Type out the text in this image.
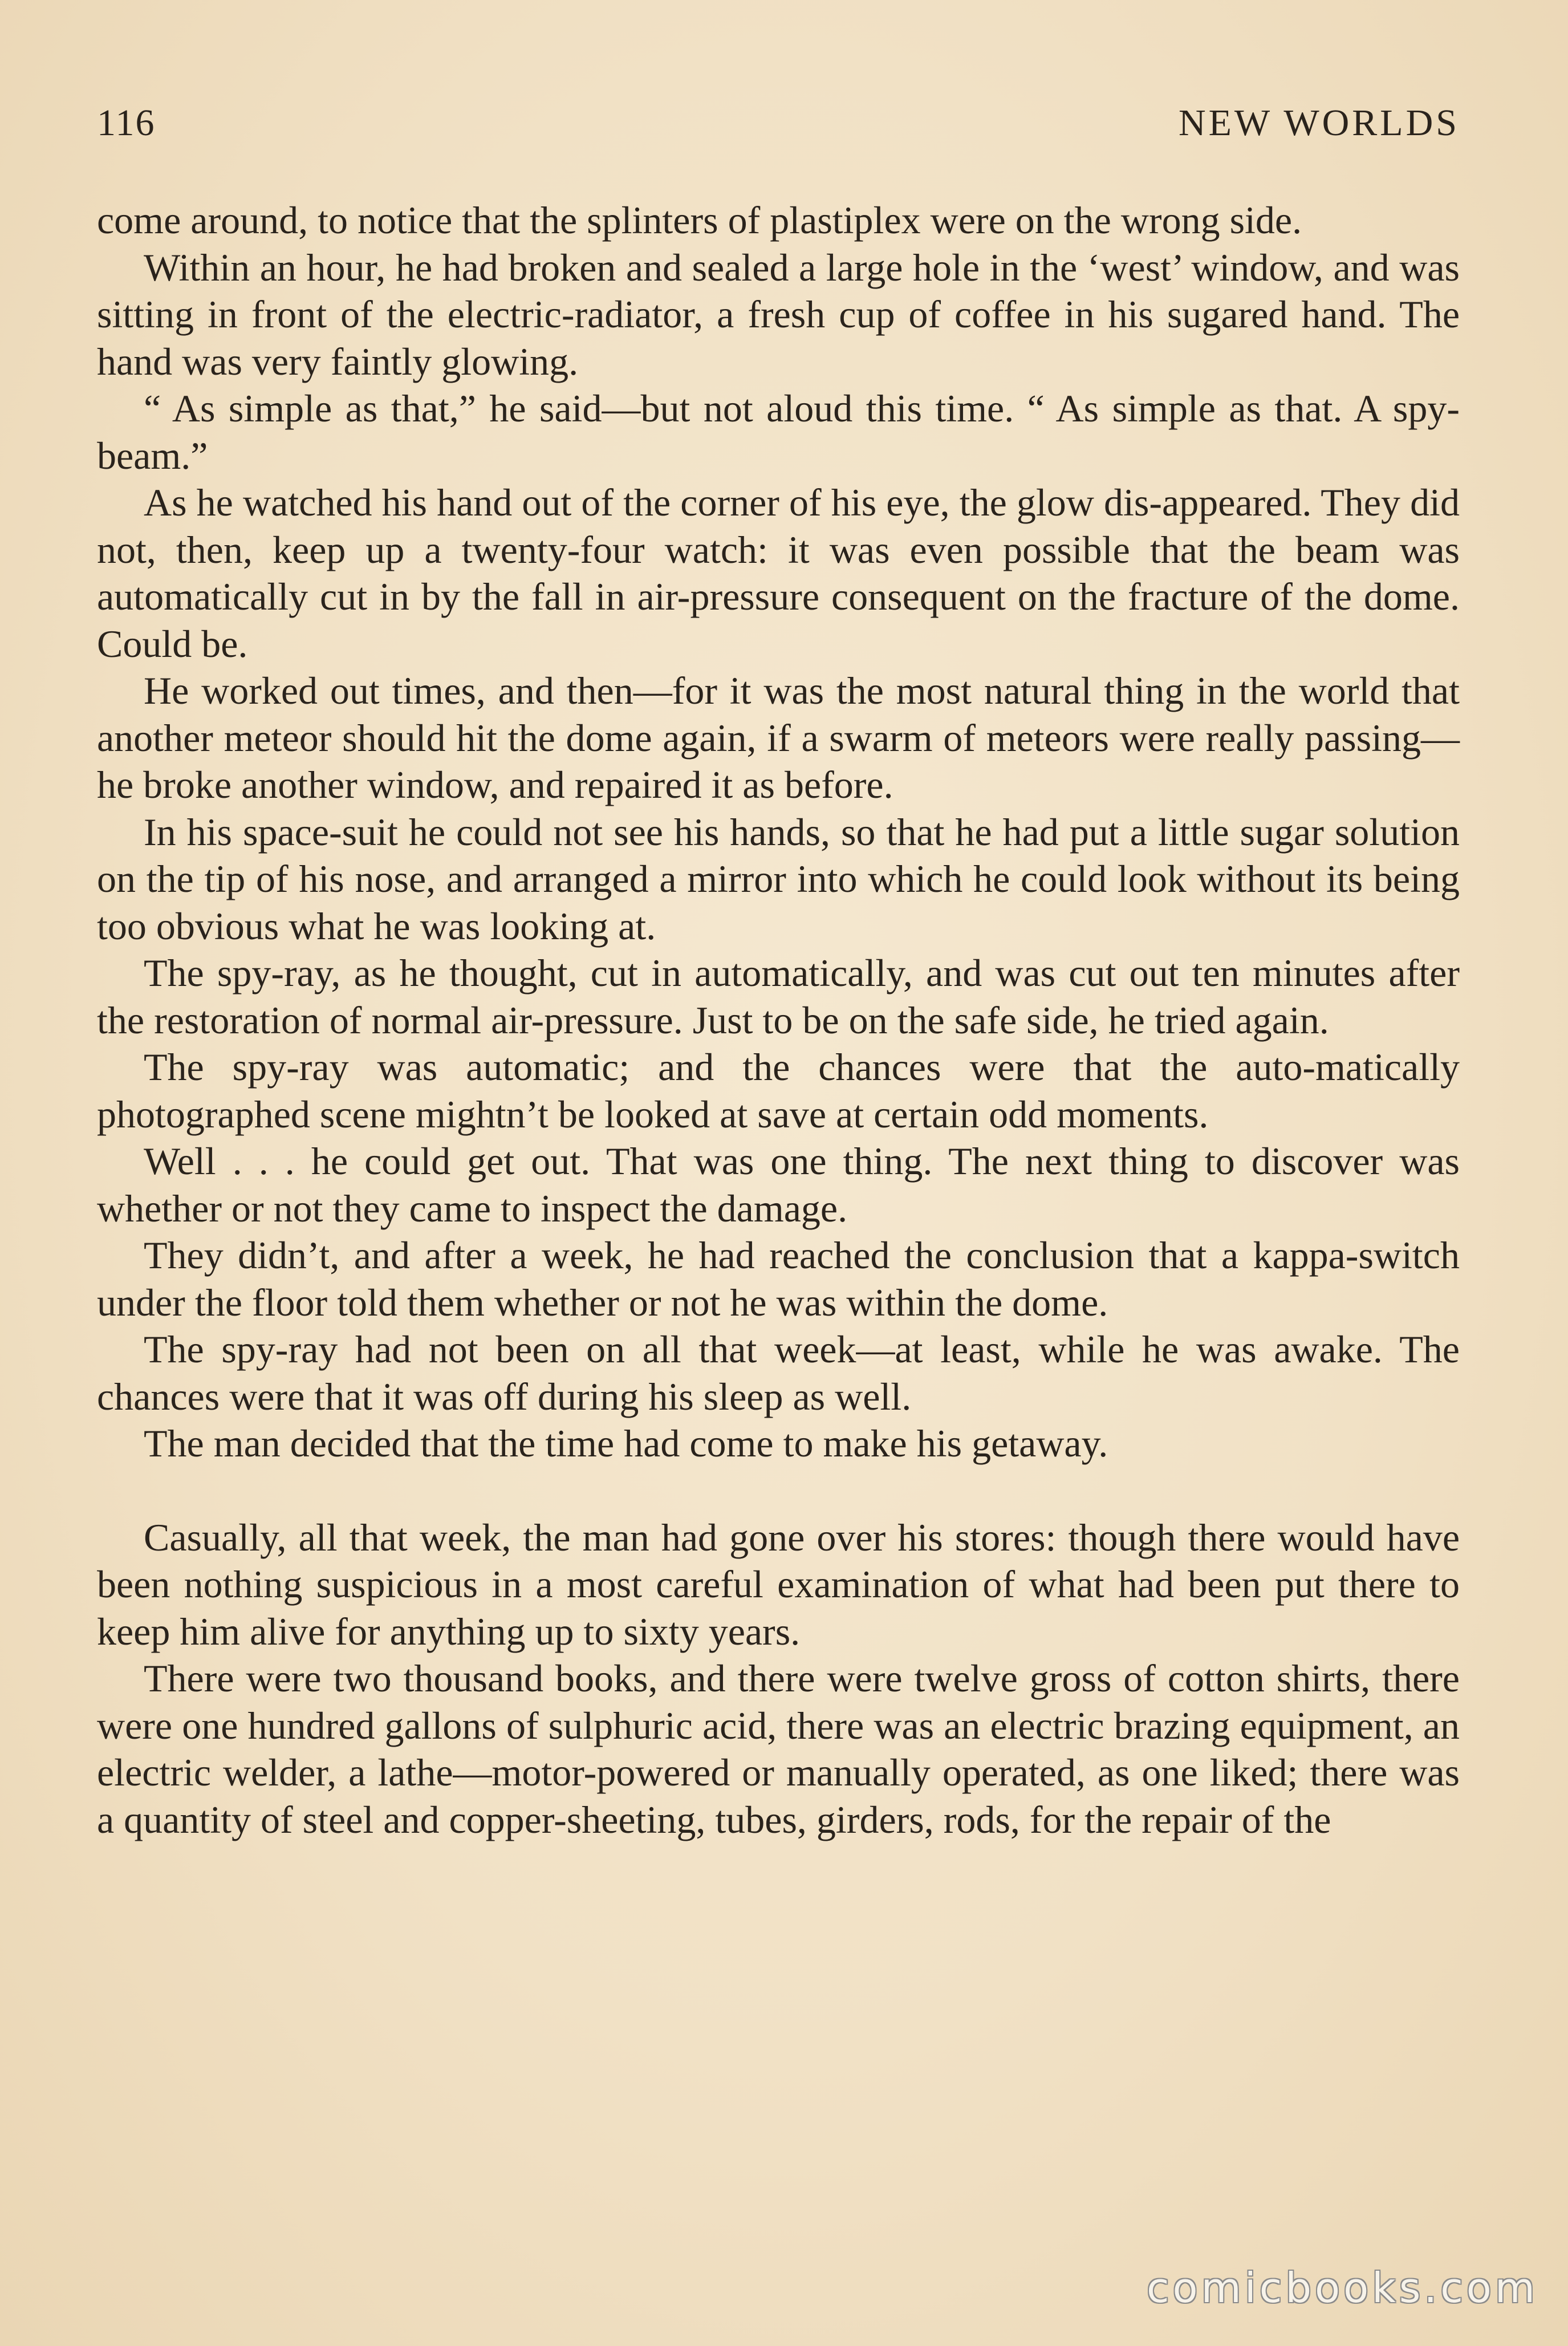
116	NEW WORLDS

come around, to notice that the splinters of plastiplex were on the wrong side.

Within an hour, he had broken and sealed a large hole in the ‘west’ window, and was sitting in front of the electric-radiator, a fresh cup of coffee in his sugared hand. The hand was very faintly glowing.

“ As simple as that,” he said—but not aloud this time. “ As simple as that. A spy-beam.”

As he watched his hand out of the corner of his eye, the glow dis-appeared. They did not, then, keep up a twenty-four watch: it was even possible that the beam was automatically cut in by the fall in air-pressure consequent on the fracture of the dome. Could be.

He worked out times, and then—for it was the most natural thing in the world that another meteor should hit the dome again, if a swarm of meteors were really passing—he broke another window, and repaired it as before.

In his space-suit he could not see his hands, so that he had put a little sugar solution on the tip of his nose, and arranged a mirror into which he could look without its being too obvious what he was looking at.

The spy-ray, as he thought, cut in automatically, and was cut out ten minutes after the restoration of normal air-pressure. Just to be on the safe side, he tried again.

The spy-ray was automatic; and the chances were that the auto-matically photographed scene mightn’t be looked at save at certain odd moments.

Well . . . he could get out. That was one thing. The next thing to discover was whether or not they came to inspect the damage.

They didn’t, and after a week, he had reached the conclusion that a kappa-switch under the floor told them whether or not he was within the dome.

The spy-ray had not been on all that week—at least, while he was awake. The chances were that it was off during his sleep as well.

The man decided that the time had come to make his getaway.

Casually, all that week, the man had gone over his stores: though there would have been nothing suspicious in a most careful examination of what had been put there to keep him alive for anything up to sixty years.

There were two thousand books, and there were twelve gross of cotton shirts, there were one hundred gallons of sulphuric acid, there was an electric brazing equipment, an electric welder, a lathe—motor-powered or manually operated, as one liked; there was a quantity of steel and copper-sheeting, tubes, girders, rods, for the repair of the

comicbooks.com
